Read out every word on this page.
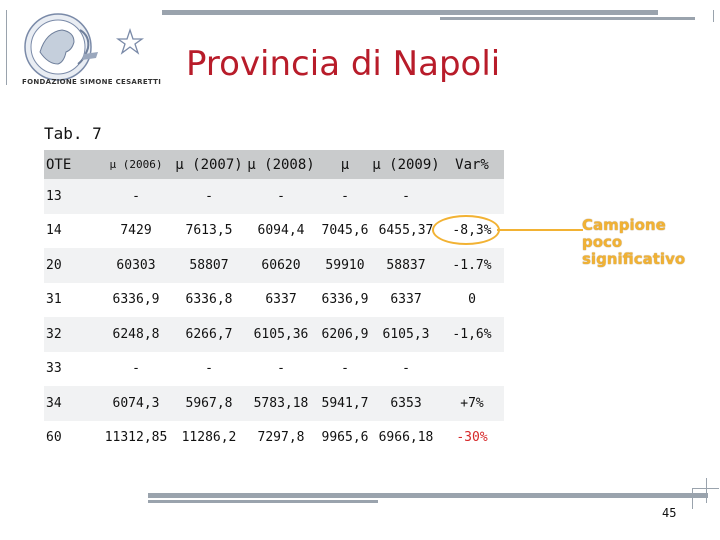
FONDAZIONE SIMONE CESARETTI Provincia di Napoli
Tab. 7
OTE	µ (2006)	µ (2007)	µ (2008)	µ	µ (2009)	Var%
13	-	-	-	-	-	
14	7429	7613,5	6094,4	7045,6	6455,37	-8,3%
20	60303	58807	60620	59910	58837	-1.7%
31	6336,9	6336,8	6337	6336,9	6337	0
32	6248,8	6266,7	6105,36	6206,9	6105,3	-1,6%
33	-	-	-	-	-	
34	6074,3	5967,8	5783,18	5941,7	6353	+7%
60	11312,85	11286,2	7297,8	9965,6	6966,18	-30%
Campione poco significativo
45
